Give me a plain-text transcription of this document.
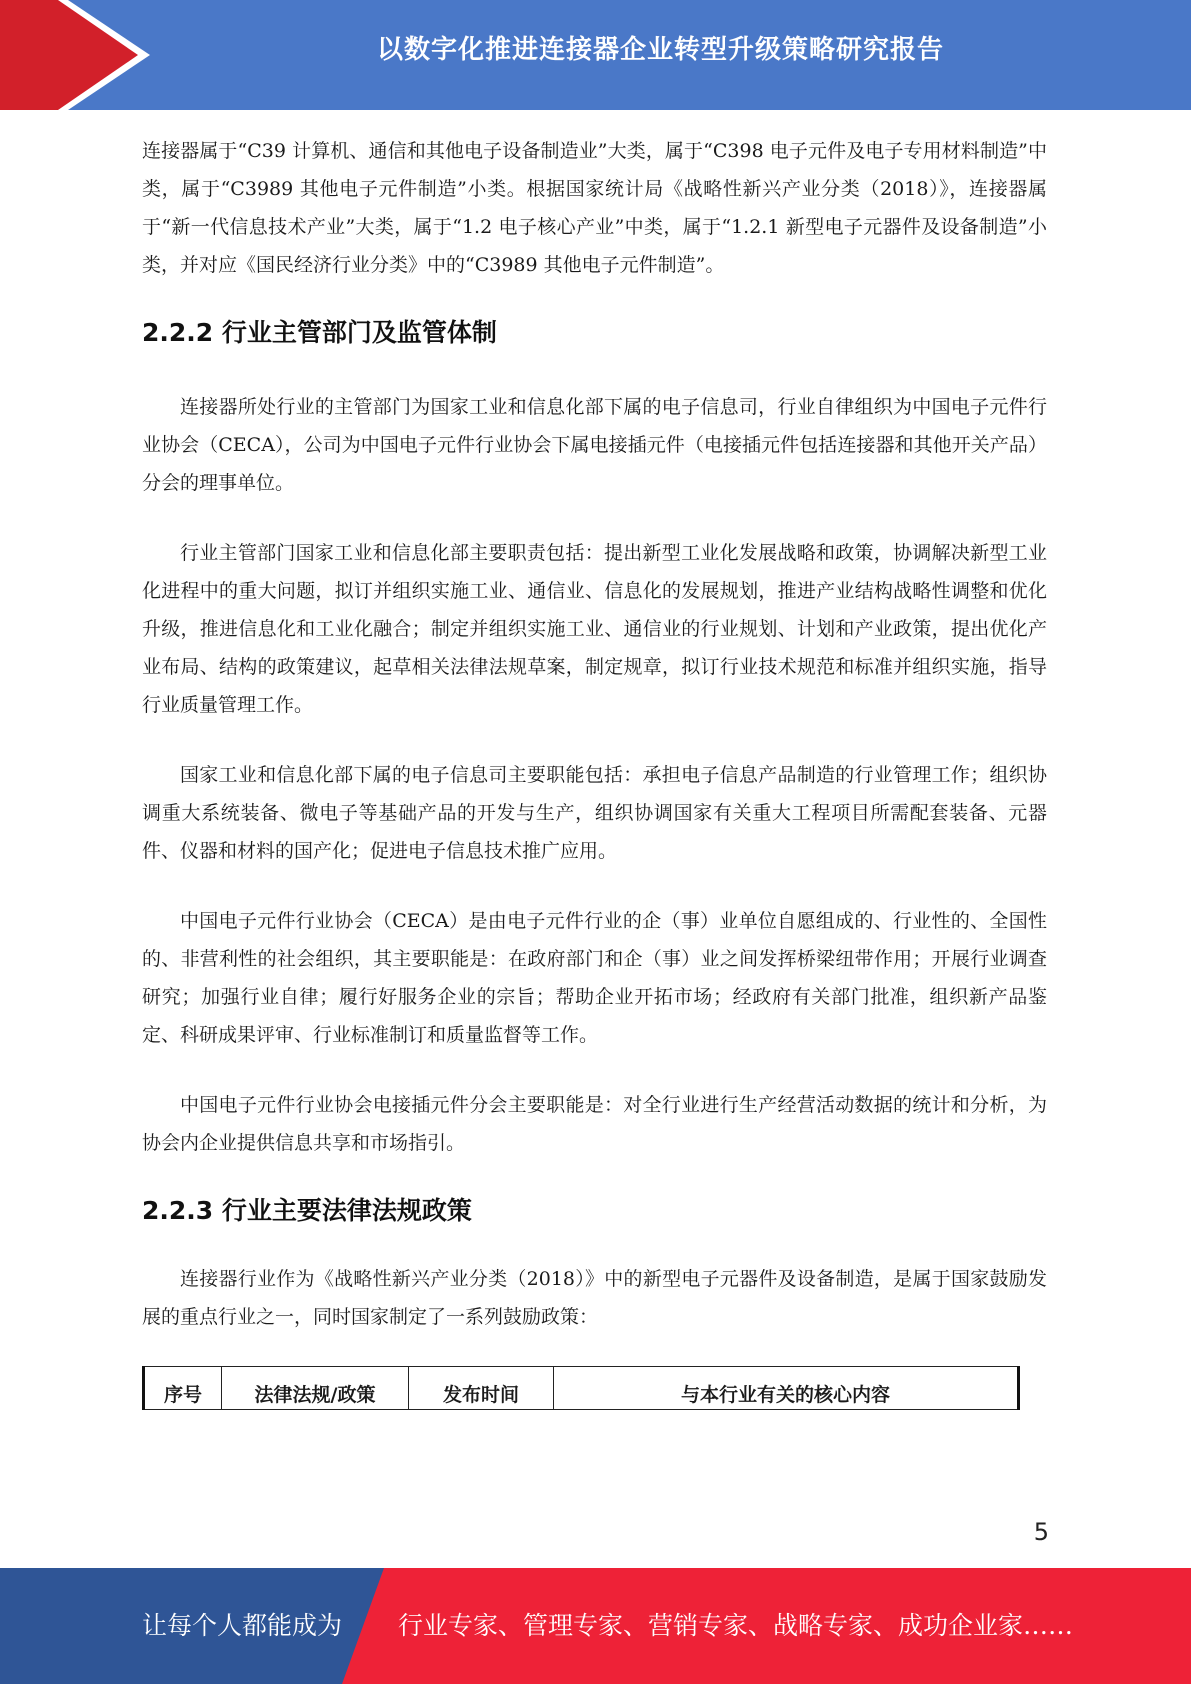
以数字化推进连接器企业转型升级策略研究报告

连接器属于“C39 计算机、通信和其他电子设备制造业”大类，属于“C398 电子元件及电子专用材料制造”中类，属于“C3989 其他电子元件制造”小类。根据国家统计局《战略性新兴产业分类（2018）》，连接器属于“新一代信息技术产业”大类，属于“1.2 电子核心产业”中类，属于“1.2.1 新型电子元器件及设备制造”小类，并对应《国民经济行业分类》中的“C3989 其他电子元件制造”。

2.2.2 行业主管部门及监管体制

连接器所处行业的主管部门为国家工业和信息化部下属的电子信息司，行业自律组织为中国电子元件行业协会（CECA），公司为中国电子元件行业协会下属电接插元件（电接插元件包括连接器和其他开关产品）分会的理事单位。

行业主管部门国家工业和信息化部主要职责包括：提出新型工业化发展战略和政策，协调解决新型工业化进程中的重大问题，拟订并组织实施工业、通信业、信息化的发展规划，推进产业结构战略性调整和优化升级，推进信息化和工业化融合；制定并组织实施工业、通信业的行业规划、计划和产业政策，提出优化产业布局、结构的政策建议，起草相关法律法规草案，制定规章，拟订行业技术规范和标准并组织实施，指导行业质量管理工作。

国家工业和信息化部下属的电子信息司主要职能包括：承担电子信息产品制造的行业管理工作；组织协调重大系统装备、微电子等基础产品的开发与生产，组织协调国家有关重大工程项目所需配套装备、元器件、仪器和材料的国产化；促进电子信息技术推广应用。

中国电子元件行业协会（CECA）是由电子元件行业的企（事）业单位自愿组成的、行业性的、全国性的、非营利性的社会组织，其主要职能是：在政府部门和企（事）业之间发挥桥梁纽带作用；开展行业调查研究；加强行业自律；履行好服务企业的宗旨；帮助企业开拓市场；经政府有关部门批准，组织新产品鉴定、科研成果评审、行业标准制订和质量监督等工作。

中国电子元件行业协会电接插元件分会主要职能是：对全行业进行生产经营活动数据的统计和分析，为协会内企业提供信息共享和市场指引。

2.2.3 行业主要法律法规政策

连接器行业作为《战略性新兴产业分类（2018）》中的新型电子元器件及设备制造，是属于国家鼓励发展的重点行业之一，同时国家制定了一系列鼓励政策：

序号	法律法规/政策	发布时间	与本行业有关的核心内容
5
让每个人都能成为 行业专家、管理专家、营销专家、战略专家、成功企业家……
